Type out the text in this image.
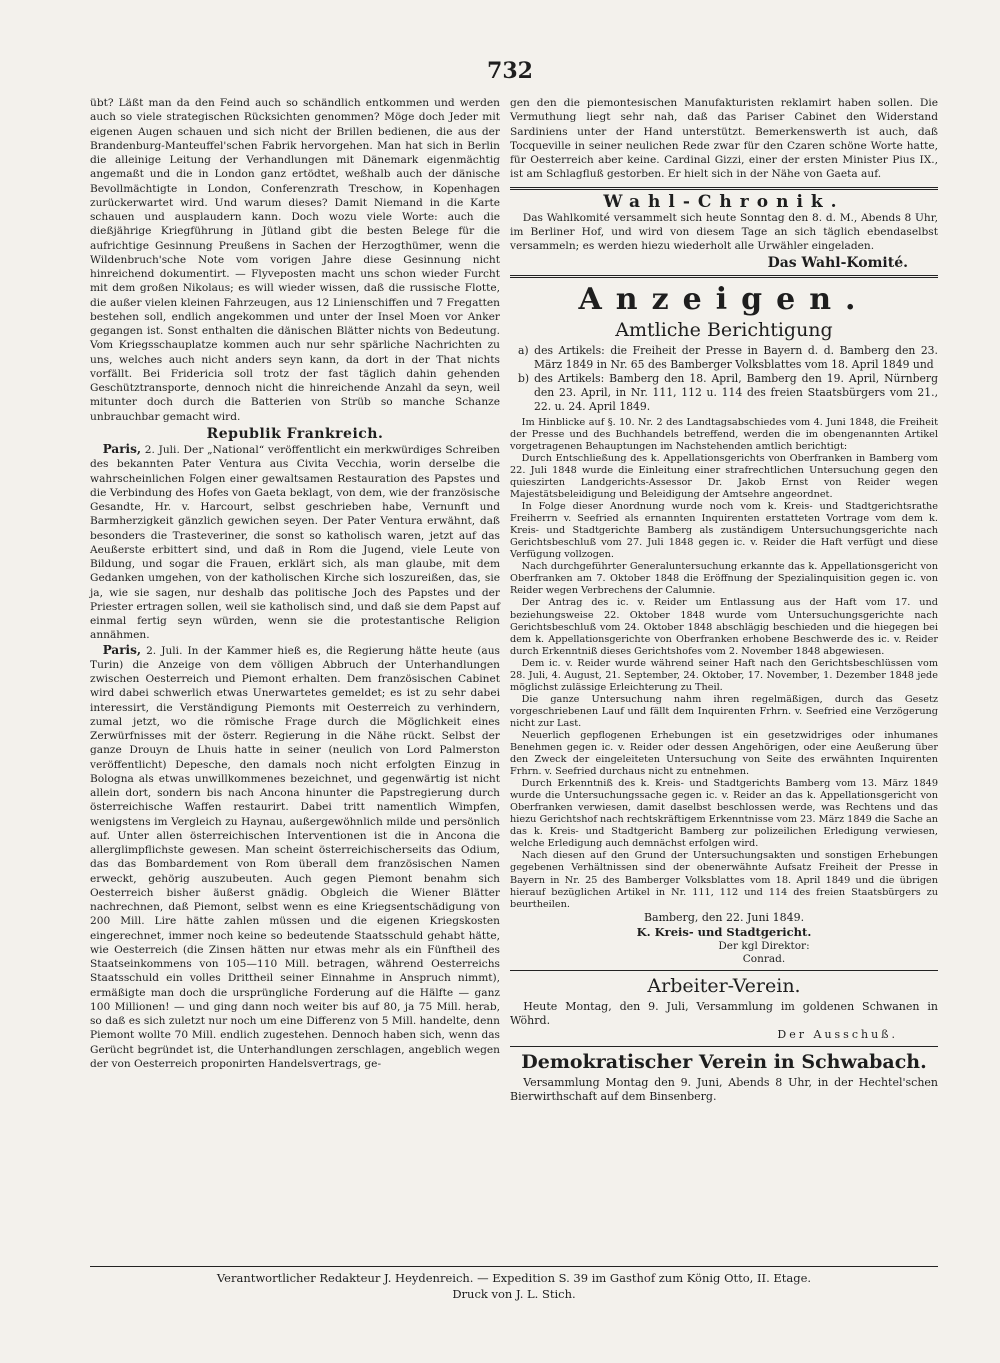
732

übt? Läßt man da den Feind auch so schändlich entkommen und werden auch so viele strategischen Rücksichten genommen? Möge doch Jeder mit eigenen Augen schauen und sich nicht der Brillen bedienen, die aus der Brandenburg-Manteuffel'schen Fabrik hervorgehen. Man hat sich in Berlin die alleinige Leitung der Verhandlungen mit Dänemark eigenmächtig angemaßt und die in London ganz ertödtet, weßhalb auch der dänische Bevollmächtigte in London, Conferenzrath Treschow, in Kopenhagen zurückerwartet wird. Und warum dieses? Damit Niemand in die Karte schauen und ausplaudern kann. Doch wozu viele Worte: auch die dießjährige Kriegführung in Jütland gibt die besten Belege für die aufrichtige Gesinnung Preußens in Sachen der Herzogthümer, wenn die Wildenbruch'sche Note vom vorigen Jahre diese Gesinnung nicht hinreichend dokumentirt. — Flyveposten macht uns schon wieder Furcht mit dem großen Nikolaus; es will wieder wissen, daß die russische Flotte, die außer vielen kleinen Fahrzeugen, aus 12 Linienschiffen und 7 Fregatten bestehen soll, endlich angekommen und unter der Insel Moen vor Anker gegangen ist. Sonst enthalten die dänischen Blätter nichts von Bedeutung. Vom Kriegsschauplatze kommen auch nur sehr spärliche Nachrichten zu uns, welches auch nicht anders seyn kann, da dort in der That nichts vorfällt. Bei Fridericia soll trotz der fast täglich dahin gehenden Geschütztransporte, dennoch nicht die hinreichende Anzahl da seyn, weil mitunter doch durch die Batterien von Strüb so manche Schanze unbrauchbar gemacht wird.

Republik Frankreich.

Paris, 2. Juli. Der „National“ veröffentlicht ein merkwürdiges Schreiben des bekannten Pater Ventura aus Civita Vecchia, worin derselbe die wahrscheinlichen Folgen einer gewaltsamen Restauration des Papstes und die Verbindung des Hofes von Gaeta beklagt, von dem, wie der französische Gesandte, Hr. v. Harcourt, selbst geschrieben habe, Vernunft und Barmherzigkeit gänzlich gewichen seyen. Der Pater Ventura erwähnt, daß besonders die Trasteveriner, die sonst so katholisch waren, jetzt auf das Aeußerste erbittert sind, und daß in Rom die Jugend, viele Leute von Bildung, und sogar die Frauen, erklärt sich, als man glaube, mit dem Gedanken umgehen, von der katholischen Kirche sich loszureißen, das, sie ja, wie sie sagen, nur deshalb das politische Joch des Papstes und der Priester ertragen sollen, weil sie katholisch sind, und daß sie dem Papst auf einmal fertig seyn würden, wenn sie die protestantische Religion annähmen.

Paris, 2. Juli. In der Kammer hieß es, die Regierung hätte heute (aus Turin) die Anzeige von dem völligen Abbruch der Unterhandlungen zwischen Oesterreich und Piemont erhalten. Dem französischen Cabinet wird dabei schwerlich etwas Unerwartetes gemeldet; es ist zu sehr dabei interessirt, die Verständigung Piemonts mit Oesterreich zu verhindern, zumal jetzt, wo die römische Frage durch die Möglichkeit eines Zerwürfnisses mit der österr. Regierung in die Nähe rückt. Selbst der ganze Drouyn de Lhuis hatte in seiner (neulich von Lord Palmerston veröffentlicht) Depesche, den damals noch nicht erfolgten Einzug in Bologna als etwas unwillkommenes bezeichnet, und gegenwärtig ist nicht allein dort, sondern bis nach Ancona hinunter die Papstregierung durch österreichische Waffen restaurirt. Dabei tritt namentlich Wimpfen, wenigstens im Vergleich zu Haynau, außergewöhnlich milde und persönlich auf. Unter allen österreichischen Interventionen ist die in Ancona die allerglimpflichste gewesen. Man scheint österreichischerseits das Odium, das das Bombardement von Rom überall dem französischen Namen erweckt, gehörig auszubeuten. Auch gegen Piemont benahm sich Oesterreich bisher äußerst gnädig. Obgleich die Wiener Blätter nachrechnen, daß Piemont, selbst wenn es eine Kriegsentschädigung von 200 Mill. Lire hätte zahlen müssen und die eigenen Kriegskosten eingerechnet, immer noch keine so bedeutende Staatsschuld gehabt hätte, wie Oesterreich (die Zinsen hätten nur etwas mehr als ein Fünftheil des Staatseinkommens von 105—110 Mill. betragen, während Oesterreichs Staatsschuld ein volles Drittheil seiner Einnahme in Anspruch nimmt), ermäßigte man doch die ursprüngliche Forderung auf die Hälfte — ganz 100 Millionen! — und ging dann noch weiter bis auf 80, ja 75 Mill. herab, so daß es sich zuletzt nur noch um eine Differenz von 5 Mill. handelte, denn Piemont wollte 70 Mill. endlich zugestehen. Dennoch haben sich, wenn das Gerücht begründet ist, die Unterhandlungen zerschlagen, angeblich wegen der von Oesterreich proponirten Handelsvertrags, ge-

gen den die piemontesischen Manufakturisten reklamirt haben sollen. Die Vermuthung liegt sehr nah, daß das Pariser Cabinet den Widerstand Sardiniens unter der Hand unterstützt. Bemerkenswerth ist auch, daß Tocqueville in seiner neulichen Rede zwar für den Czaren schöne Worte hatte, für Oesterreich aber keine. Cardinal Gizzi, einer der ersten Minister Pius IX., ist am Schlagfluß gestorben. Er hielt sich in der Nähe von Gaeta auf.

Wahl-Chronik.

Das Wahlkomité versammelt sich heute Sonntag den 8. d. M., Abends 8 Uhr, im Berliner Hof, und wird von diesem Tage an sich täglich ebendaselbst versammeln; es werden hiezu wiederholt alle Urwähler eingeladen.

Das Wahl-Komité.
Anzeigen.
Amtliche Berichtigung
a) des Artikels: die Freiheit der Presse in Bayern d. d. Bamberg den 23. März 1849 in Nr. 65 des Bamberger Volksblattes vom 18. April 1849 und
b) des Artikels: Bamberg den 18. April, Bamberg den 19. April, Nürnberg den 23. April, in Nr. 111, 112 u. 114 des freien Staatsbürgers vom 21., 22. u. 24. April 1849.

Im Hinblicke auf §. 10. Nr. 2 des Landtagsabschiedes vom 4. Juni 1848, die Freiheit der Presse und des Buchhandels betreffend, werden die im obengenannten Artikel vorgetragenen Behauptungen im Nachstehenden amtlich berichtigt:

Durch Entschließung des k. Appellationsgerichts von Oberfranken in Bamberg vom 22. Juli 1848 wurde die Einleitung einer strafrechtlichen Untersuchung gegen den quieszirten Landgerichts-Assessor Dr. Jakob Ernst von Reider wegen Majestätsbeleidigung und Beleidigung der Amtsehre angeordnet.

In Folge dieser Anordnung wurde noch vom k. Kreis- und Stadtgerichtsrathe Freiherrn v. Seefried als ernannten Inquirenten erstatteten Vortrage vom dem k. Kreis- und Stadtgerichte Bamberg als zuständigem Untersuchungsgerichte nach Gerichtsbeschluß vom 27. Juli 1848 gegen ic. v. Reider die Haft verfügt und diese Verfügung vollzogen.

Nach durchgeführter Generaluntersuchung erkannte das k. Appellationsgericht von Oberfranken am 7. Oktober 1848 die Eröffnung der Spezialinquisition gegen ic. von Reider wegen Verbrechens der Calumnie.

Der Antrag des ic. v. Reider um Entlassung aus der Haft vom 17. und beziehungsweise 22. Oktober 1848 wurde vom Untersuchungsgerichte nach Gerichtsbeschluß vom 24. Oktober 1848 abschlägig beschieden und die hiegegen bei dem k. Appellationsgerichte von Oberfranken erhobene Beschwerde des ic. v. Reider durch Erkenntniß dieses Gerichtshofes vom 2. November 1848 abgewiesen.

Dem ic. v. Reider wurde während seiner Haft nach den Gerichtsbeschlüssen vom 28. Juli, 4. August, 21. September, 24. Oktober, 17. November, 1. Dezember 1848 jede möglichst zulässige Erleichterung zu Theil.

Die ganze Untersuchung nahm ihren regelmäßigen, durch das Gesetz vorgeschriebenen Lauf und fällt dem Inquirenten Frhrn. v. Seefried eine Verzögerung nicht zur Last.

Neuerlich gepflogenen Erhebungen ist ein gesetzwidriges oder inhumanes Benehmen gegen ic. v. Reider oder dessen Angehörigen, oder eine Aeußerung über den Zweck der eingeleiteten Untersuchung von Seite des erwähnten Inquirenten Frhrn. v. Seefried durchaus nicht zu entnehmen.

Durch Erkenntniß des k. Kreis- und Stadtgerichts Bamberg vom 13. März 1849 wurde die Untersuchungssache gegen ic. v. Reider an das k. Appellationsgericht von Oberfranken verwiesen, damit daselbst beschlossen werde, was Rechtens und das hiezu Gerichtshof nach rechtskräftigem Erkenntnisse vom 23. März 1849 die Sache an das k. Kreis- und Stadtgericht Bamberg zur polizeilichen Erledigung verwiesen, welche Erledigung auch demnächst erfolgen wird.

Nach diesen auf den Grund der Untersuchungsakten und sonstigen Erhebungen gegebenen Verhältnissen sind der obenerwähnte Aufsatz Freiheit der Presse in Bayern in Nr. 25 des Bamberger Volksblattes vom 18. April 1849 und die übrigen hierauf bezüglichen Artikel in Nr. 111, 112 und 114 des freien Staatsbürgers zu beurtheilen.

Bamberg, den 22. Juni 1849.
K. Kreis- und Stadtgericht.
Der kgl Direktor:
Conrad.
Arbeiter-Verein.

Heute Montag, den 9. Juli, Versammlung im goldenen Schwanen in Wöhrd.

Der Ausschuß.
Demokratischer Verein in Schwabach.

Versammlung Montag den 9. Juni, Abends 8 Uhr, in der Hechtel'schen Bierwirthschaft auf dem Binsenberg.

Verantwortlicher Redakteur J. Heydenreich. — Expedition S. 39 im Gasthof zum König Otto, II. Etage.
Druck von J. L. Stich.
